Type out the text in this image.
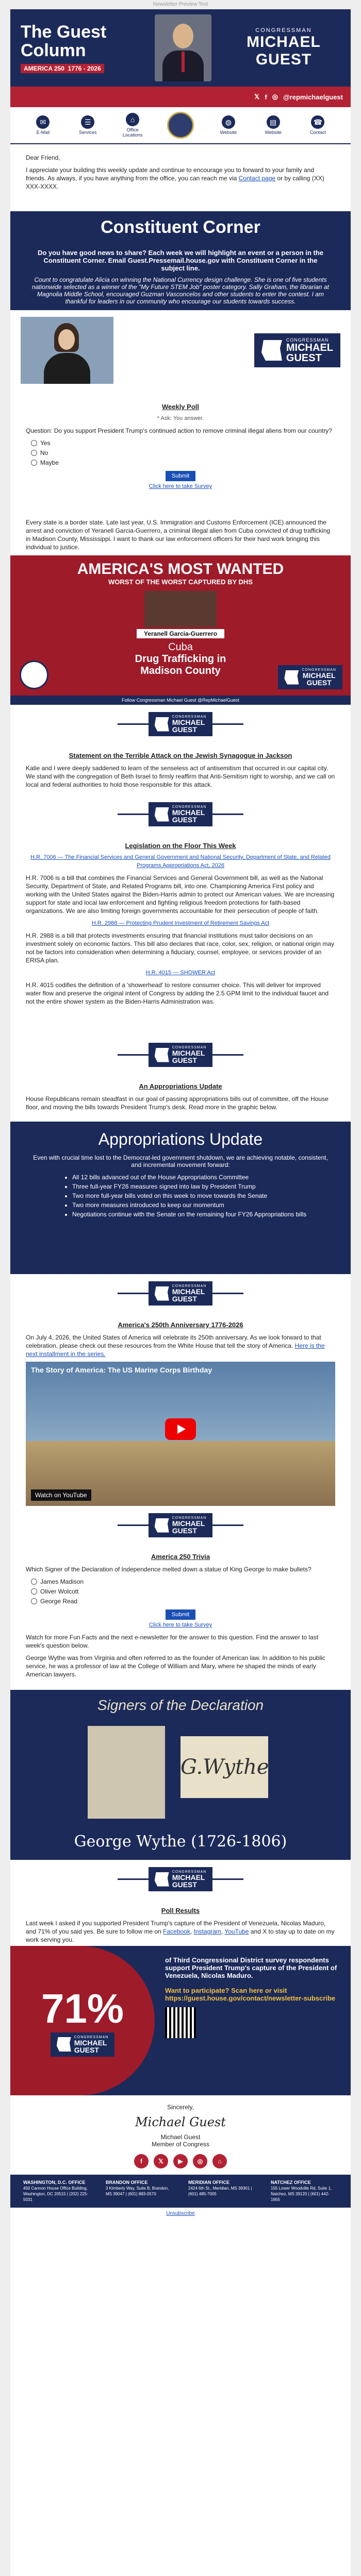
Newsletter Preview Text
The Guest
Column
AMERICA 250 1776 - 2026
CONGRESSMAN
MICHAEL
GUEST
𝕏 f ◎ @repmichaelguest
✉
E-Mail
☰
Services
⌂
Office Locations
◍
Website
▤
Website
☎
Contact
Dear Friend,
I appreciate your building this weekly update and continue to encourage you to forward to your family and friends. As always, if you have anything from the office, you can reach me via Contact page or by calling (XX) XXX-XXXX.
Constituent Corner
Do you have good news to share? Each week we will highlight an event or a person in the Constituent Corner. Email Guest.Pressemail.house.gov with Constituent Corner in the subject line.
Count to congratulate Alicia on winning the National Currency design challenge. She is one of five students nationwide selected as a winner of the "My Future STEM Job" poster category. Sally Graham, the librarian at Magnolia Middle School, encouraged Guzman Vasconcelos and other students to enter the contest. I am thankful for leaders in our community who encourage our students towards success.
CONGRESSMAN
MICHAEL
GUEST
Weekly Poll
* Ask: You answer.
Question: Do you support President Trump's continued action to remove criminal illegal aliens from our country?
Yes
No
Maybe
Submit
Click here to take Survey
Every state is a border state. Late last year, U.S. Immigration and Customs Enforcement (ICE) announced the arrest and conviction of Yeranell Garcia-Guerrero, a criminal illegal alien from Cuba convicted of drug trafficking in Madison County, Mississippi. I want to thank our law enforcement officers for their hard work bringing this individual to justice.
AMERICA'S MOST WANTED
WORST OF THE WORST CAPTURED BY DHS
Yeranell Garcia-Guerrero
Cuba
Drug Trafficking in
Madison County	CONGRESSMAN
MICHAEL
GUEST
Follow Congressman Michael Guest @RepMichaelGuest
CONGRESSMAN
MICHAEL
GUEST
Statement on the Terrible Attack on the Jewish Synagogue in Jackson
Katie and I were deeply saddened to learn of the senseless act of antisemitism that occurred in our capital city. We stand with the congregation of Beth Israel to firmly reaffirm that Anti-Semitism right to worship, and we call on local and federal authorities to hold those responsible for this attack.
CONGRESSMAN
MICHAEL
GUEST
Legislation on the Floor This Week
H.R. 7006 — The Financial Services and General Government and National Security, Department of State, and Related Programs Appropriations Act, 2026
H.R. 7006 is a bill that combines the Financial Services and General Government bill, as well as the National Security, Department of State, and Related Programs bill, into one. Championing America First policy and working with the United States against the Biden-Harris admin to protect our American values. We are increasing support for state and local law enforcement and fighting religious freedom protections for faith-based organizations. We are also limiting foreign governments accountable for their persecution of people of faith.
H.R. 2988 — Protecting Prudent Investment of Retirement Savings Act
H.R. 2988 is a bill that protects investments ensuring that financial institutions must tailor decisions on an investment solely on economic factors. This bill also declares that race, color, sex, religion, or national origin may not be factors into consideration when determining a fiduciary, counsel, employee, or services provider of an ERISA plan.
H.R. 4015 — SHOWER Act
H.R. 4015 codifies the definition of a 'showerhead' to restore consumer choice. This will deliver for improved water flow and preserve the original intent of Congress by adding the 2.5 GPM limit to the individual faucet and not the entire shower system as the Biden-Harris Administration was.
CONGRESSMAN
MICHAEL
GUEST
An Appropriations Update
House Republicans remain steadfast in our goal of passing appropriations bills out of committee, off the House floor, and moving the bills towards President Trump's desk. Read more in the graphic below.
Appropriations Update
Even with crucial time lost to the Democrat-led government shutdown, we are achieving notable, consistent, and incremental movement forward:
• All 12 bills advanced out of the House Appropriations Committee
• Three full-year FY26 measures signed into law by President Trump
• Two more full-year bills voted on this week to move towards the Senate
• Two more measures introduced to keep our momentum
• Negotiations continue with the Senate on the remaining four FY26 Appropriations bills
CONGRESSMAN
MICHAEL
GUEST
America's 250th Anniversary 1776-2026
On July 4, 2026, the United States of America will celebrate its 250th anniversary. As we look forward to that celebration, please check out these resources from the White House that tell the story of America. Here is the next installment in the series.
The Story of America: The US Marine Corps Birthday
Watch on YouTube
CONGRESSMAN
MICHAEL
GUEST
America 250 Trivia
Which Signer of the Declaration of Independence melted down a statue of King George to make bullets?
James Madison
Oliver Wolcott
George Read
Submit
Click here to take Survey
Watch for more Fun Facts and the next e-newsletter for the answer to this question. Find the answer to last week's question below.
George Wythe was from Virginia and often referred to as the founder of American law. In addition to his public service, he was a professor of law at the College of William and Mary, where he shaped the minds of early American lawyers.
Signers of the Declaration
G.Wythe
George Wythe (1726-1806)
CONGRESSMAN
MICHAEL
GUEST
Poll Results
Last week I asked if you supported President Trump's capture of the President of Venezuela, Nicolas Maduro, and 71% of you said yes. Be sure to follow me on Facebook, Instagram, YouTube and X to stay up to date on my work serving you.
71%
CONGRESSMAN
MICHAEL
GUEST
of Third Congressional District survey respondents support President Trump's capture of the President of Venezuela, Nicolas Maduro.
Want to participate? Scan here or visit https://guest.house.gov/contact/newsletter-subscribe
Sincerely,
Michael Guest
Michael Guest
Member of Congress
f	𝕏	▶	◎	⌂
WASHINGTON, D.C. OFFICE
450 Cannon House Office Building, Washington, DC 20515 | (202) 225-5031
BRANDON OFFICE
3 Kimberly Way, Suite B, Brandon, MS 39047 | (601) 883-0570
MERIDIAN OFFICE
2424 6th St., Meridian, MS 39301 | (601) 485-7005
NATCHEZ OFFICE
155 Lower Woodville Rd, Suite 1, Natchez, MS 39120 | (601) 442-1655
Unsubscribe
